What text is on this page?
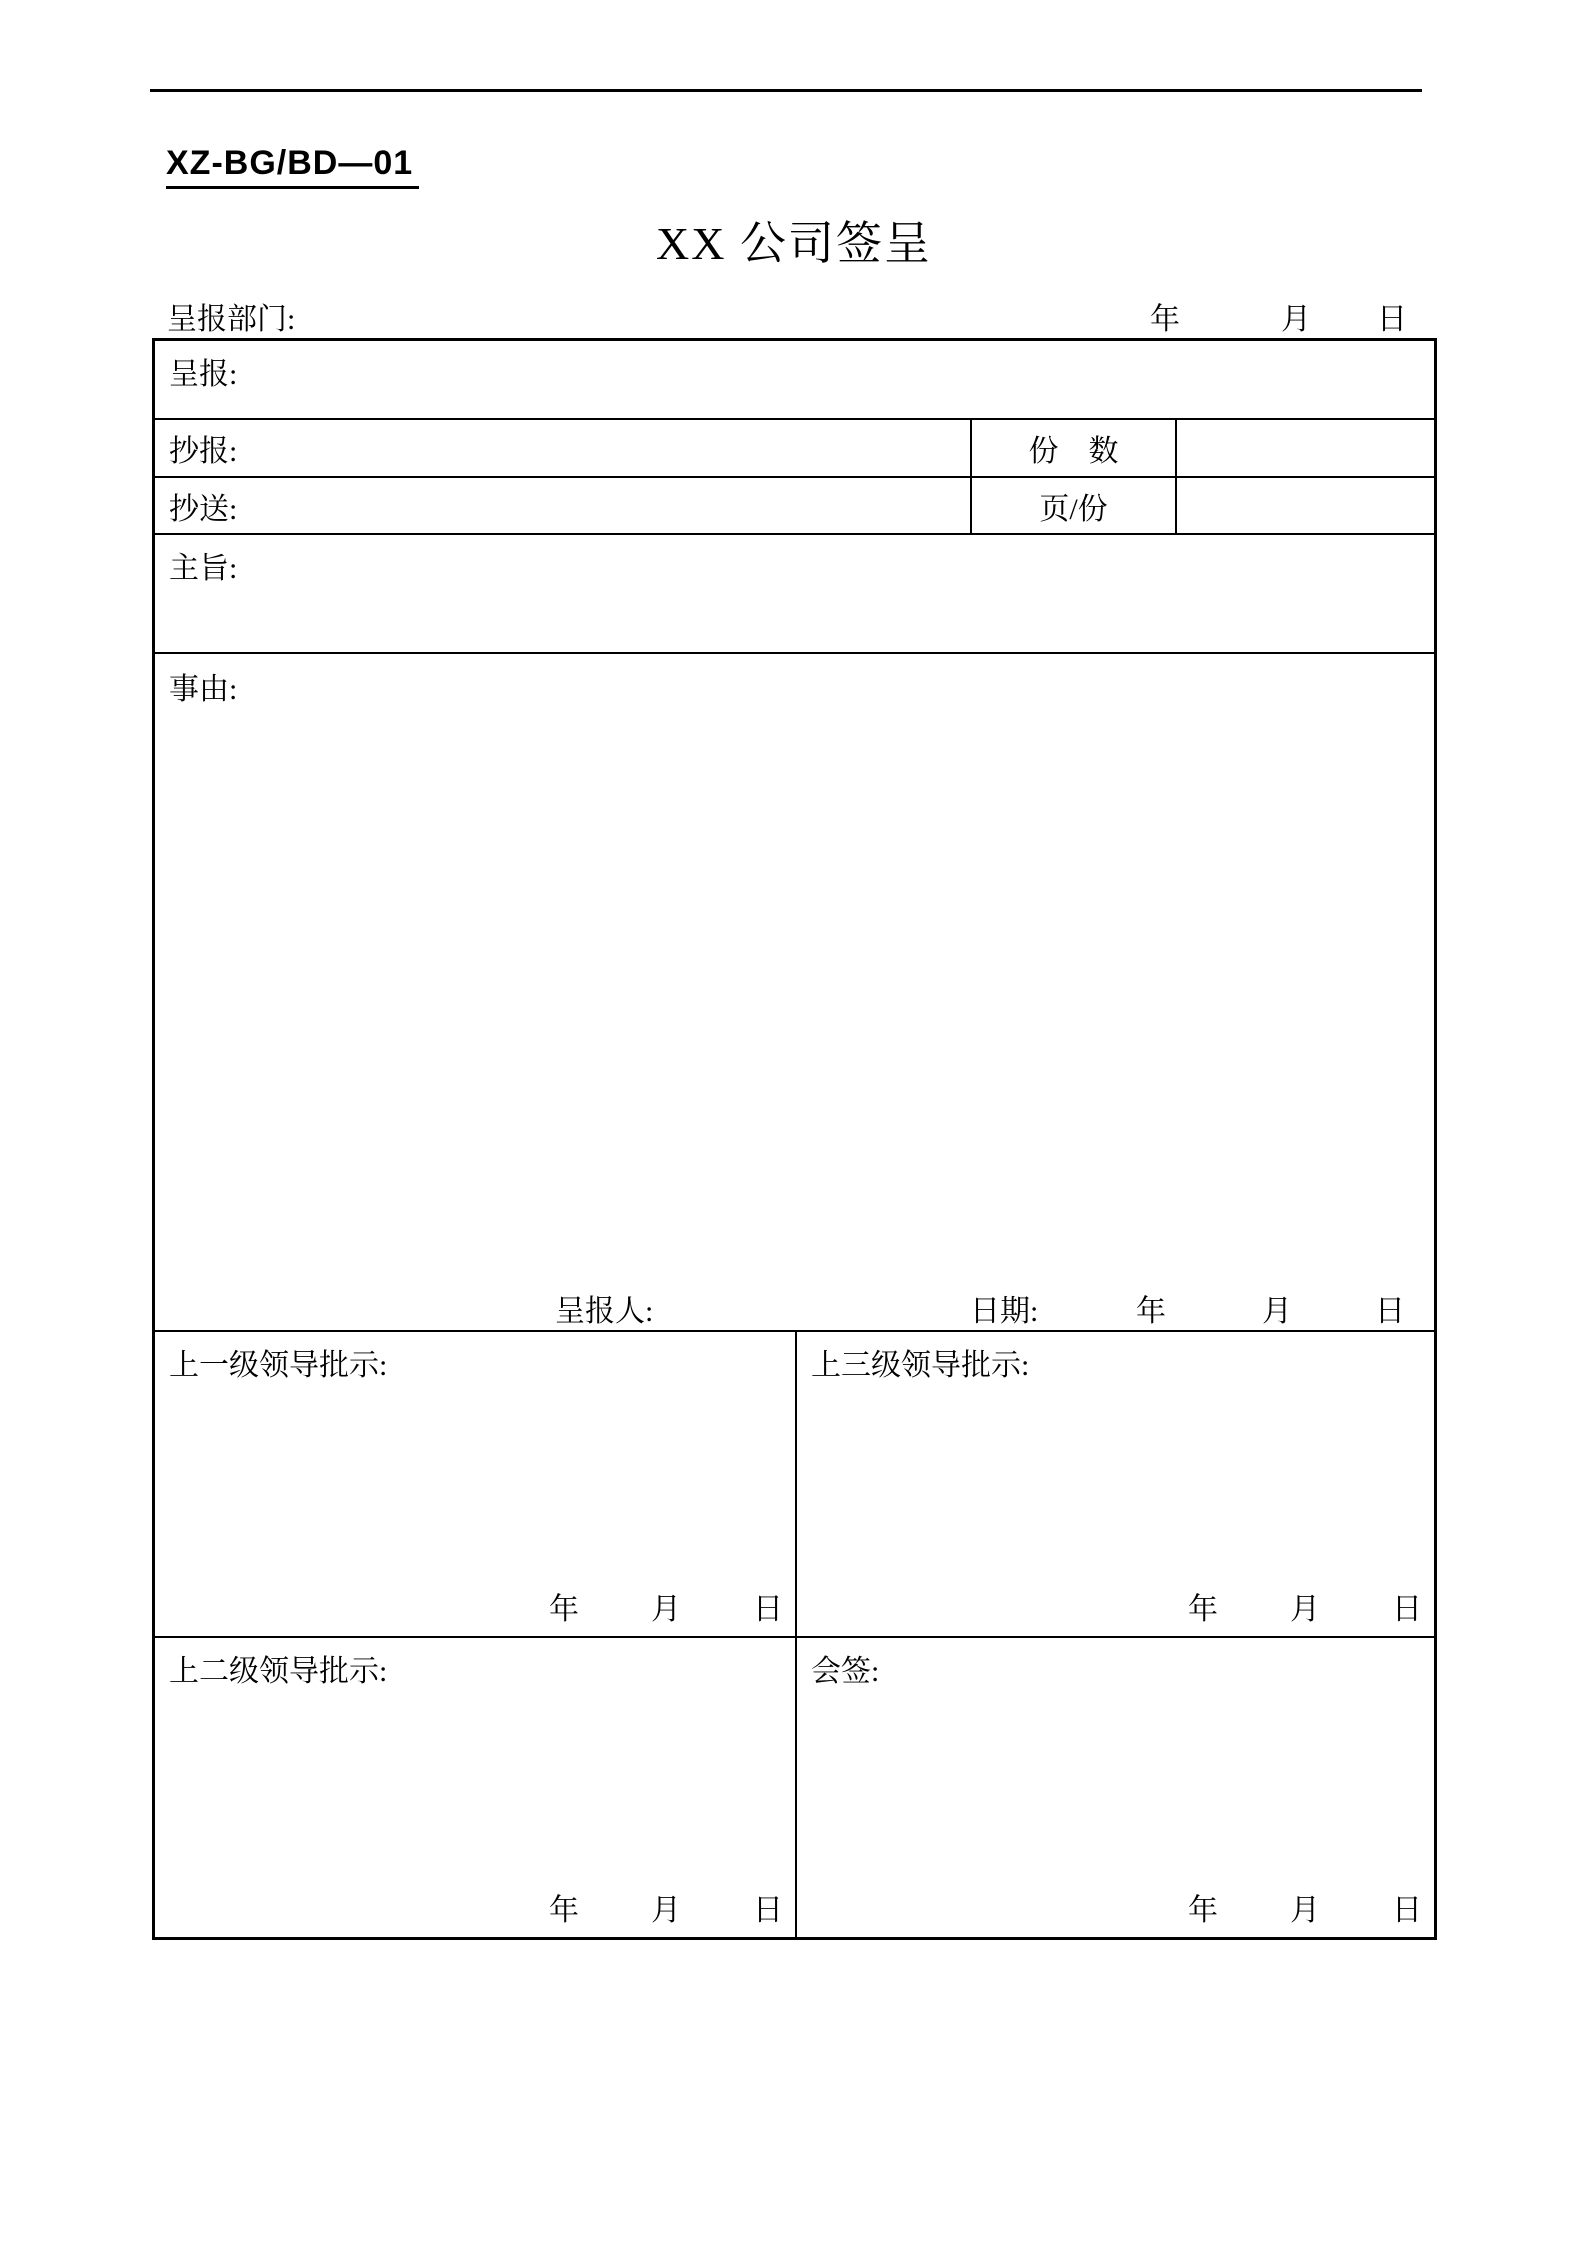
XZ-BG/BD—01
XX 公司签呈
呈报部门:	年	月 日
呈报:
抄报:	份　数
抄送:	页/份
主旨:
事由:
呈报人:	日期:	年	月	日
上一级领导批示:
年 月 日
上三级领导批示:
年 月 日
上二级领导批示:
年 月 日
会签:
年 月 日
